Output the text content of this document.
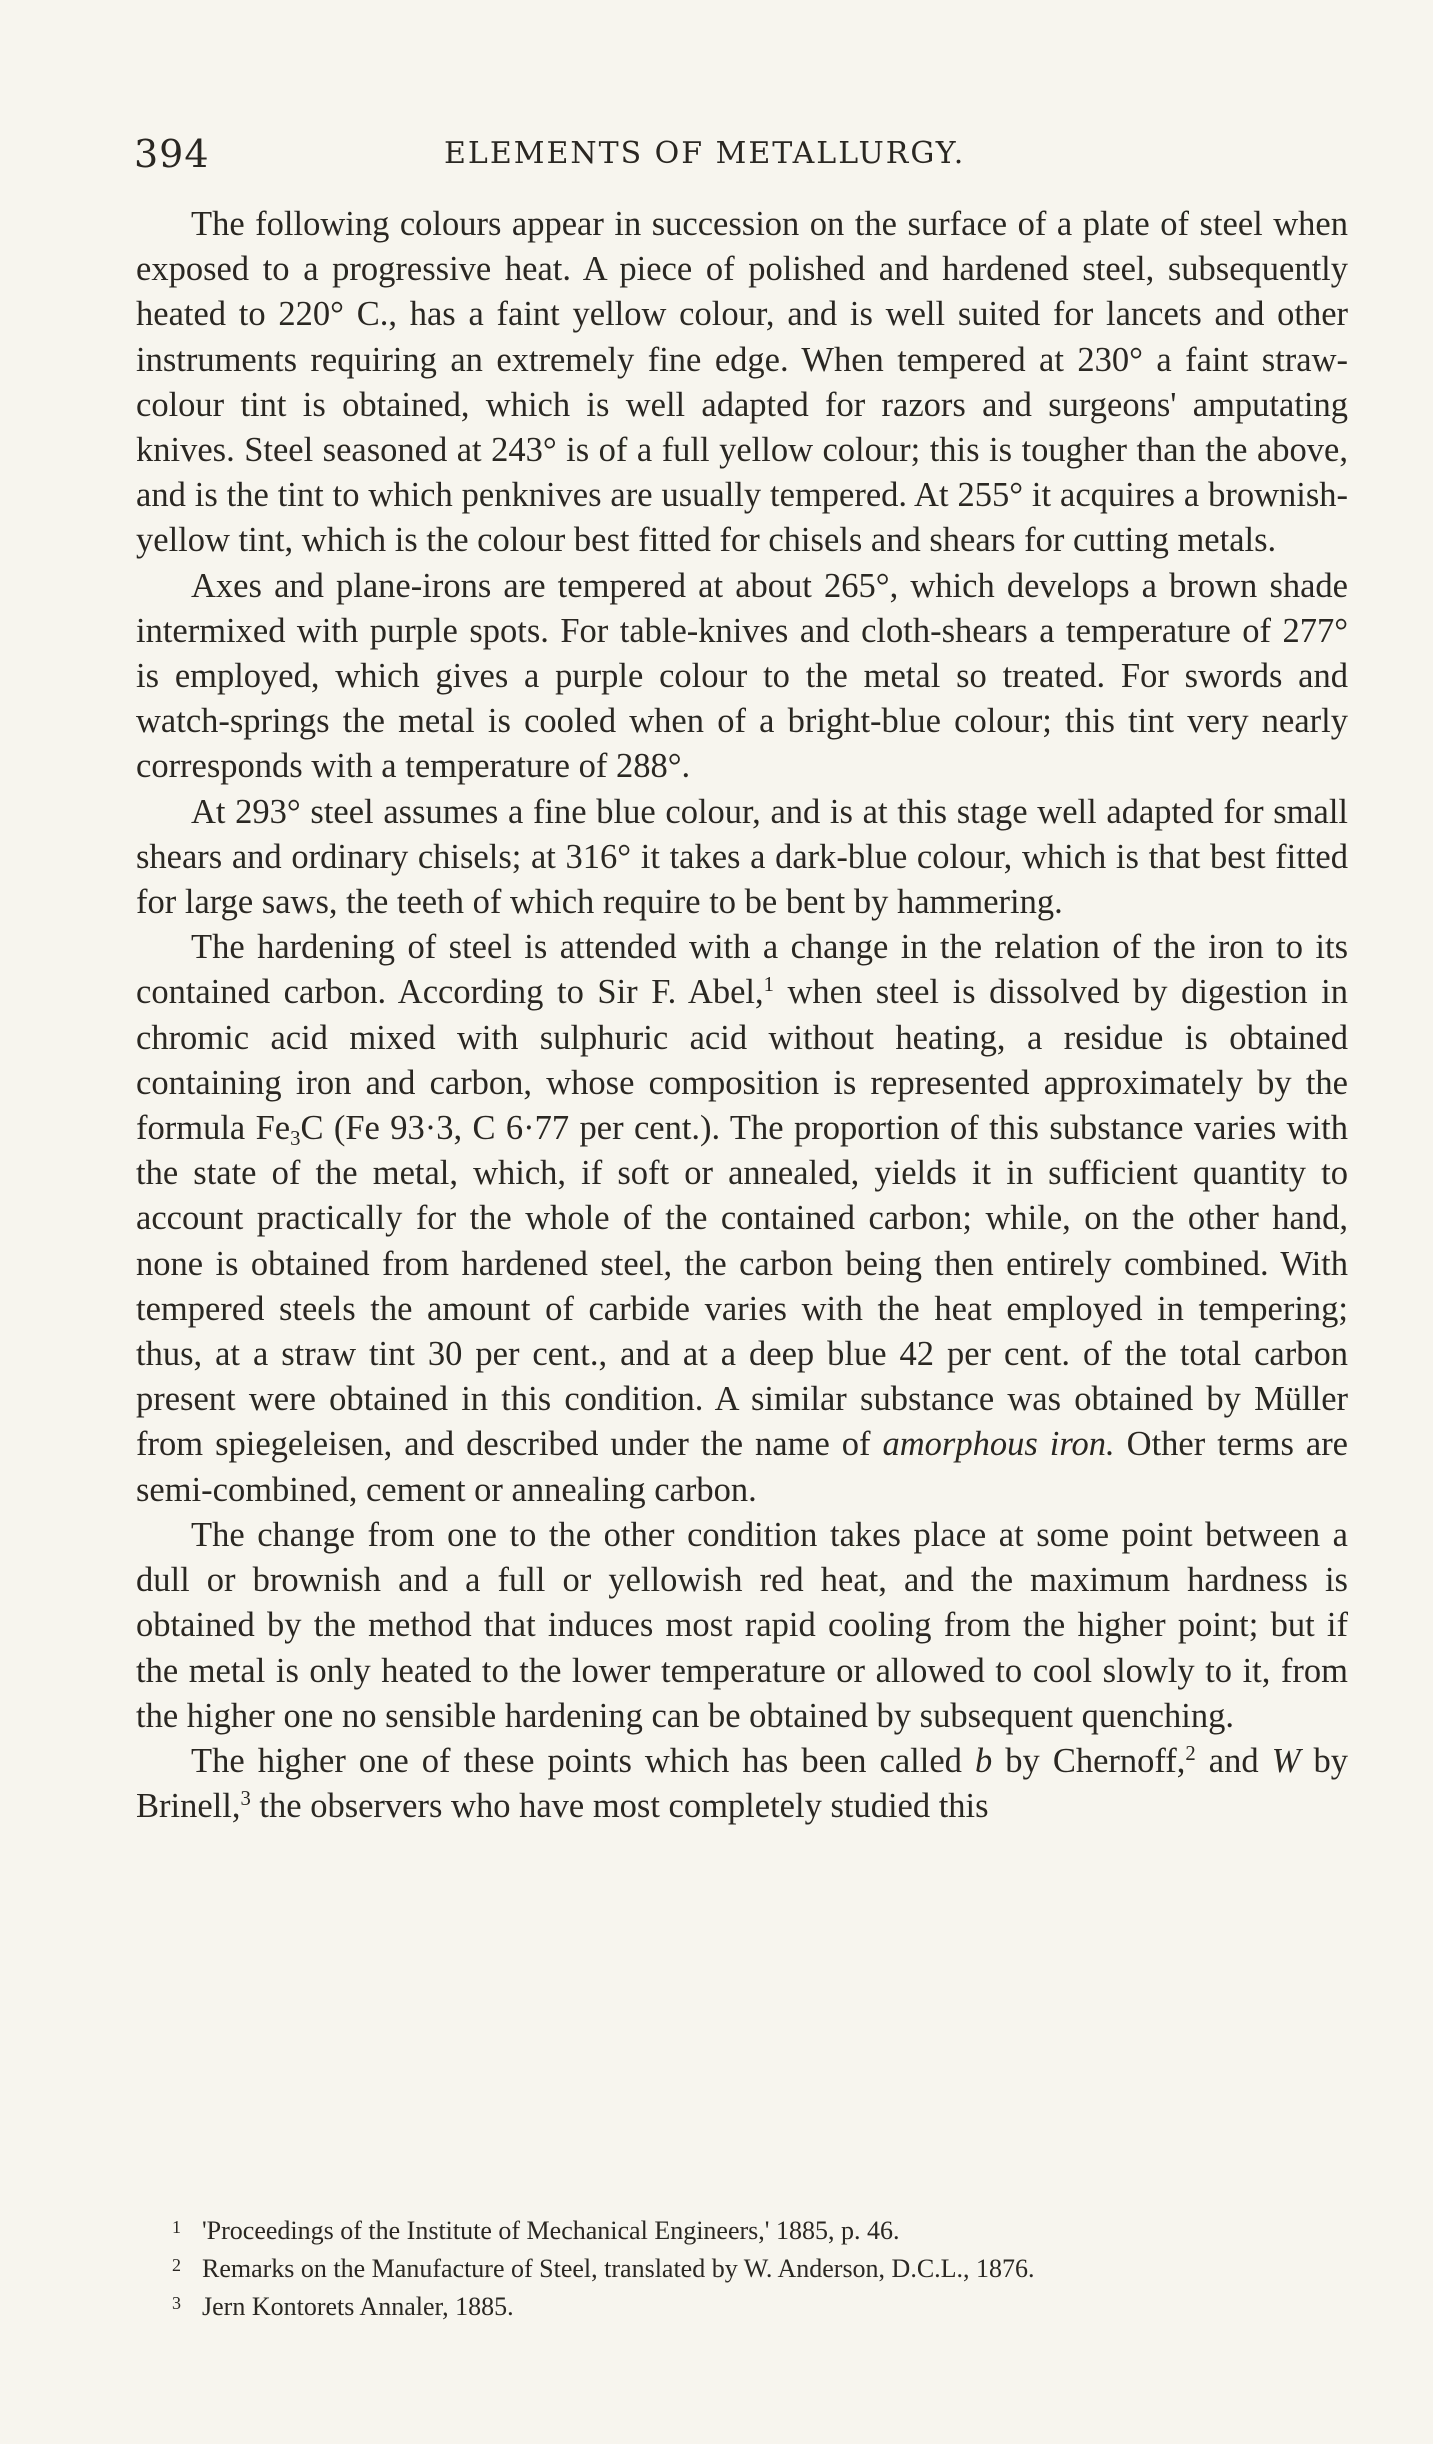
394	ELEMENTS OF METALLURGY.

The following colours appear in succession on the surface of a plate of steel when exposed to a progressive heat. A piece of polished and hardened steel, subsequently heated to 220° C., has a faint yellow colour, and is well suited for lancets and other instruments requiring an extremely fine edge. When tempered at 230° a faint straw-colour tint is obtained, which is well adapted for razors and surgeons' amputating knives. Steel seasoned at 243° is of a full yellow colour; this is tougher than the above, and is the tint to which penknives are usually tempered. At 255° it acquires a brownish-yellow tint, which is the colour best fitted for chisels and shears for cutting metals.

Axes and plane-irons are tempered at about 265°, which develops a brown shade intermixed with purple spots. For table-knives and cloth-shears a temperature of 277° is employed, which gives a purple colour to the metal so treated. For swords and watch-springs the metal is cooled when of a bright-blue colour; this tint very nearly corresponds with a temperature of 288°.

At 293° steel assumes a fine blue colour, and is at this stage well adapted for small shears and ordinary chisels; at 316° it takes a dark-blue colour, which is that best fitted for large saws, the teeth of which require to be bent by hammering.

The hardening of steel is attended with a change in the relation of the iron to its contained carbon. According to Sir F. Abel,$^1$ when steel is dissolved by digestion in chromic acid mixed with sulphuric acid without heating, a residue is obtained containing iron and carbon, whose composition is represented approximately by the formula $Fe_3C$ (Fe 93·3, C 6·77 per cent.). The proportion of this substance varies with the state of the metal, which, if soft or annealed, yields it in sufficient quantity to account practically for the whole of the contained carbon; while, on the other hand, none is obtained from hardened steel, the carbon being then entirely combined. With tempered steels the amount of carbide varies with the heat employed in tempering; thus, at a straw tint 30 per cent., and at a deep blue 42 per cent. of the total carbon present were obtained in this condition. A similar substance was obtained by Müller from spiegeleisen, and described under the name of amorphous iron. Other terms are semi-combined, cement or annealing carbon.

The change from one to the other condition takes place at some point between a dull or brownish and a full or yellowish red heat, and the maximum hardness is obtained by the method that induces most rapid cooling from the higher point; but if the metal is only heated to the lower temperature or allowed to cool slowly to it, from the higher one no sensible hardening can be obtained by subsequent quenching.

The higher one of these points which has been called b by Chernoff,$^2$ and W by Brinell,$^3$ the observers who have most completely studied this

1 'Proceedings of the Institute of Mechanical Engineers,' 1885, p. 46.
2 Remarks on the Manufacture of Steel, translated by W. Anderson, D.C.L., 1876.
3 Jern Kontorets Annaler, 1885.
